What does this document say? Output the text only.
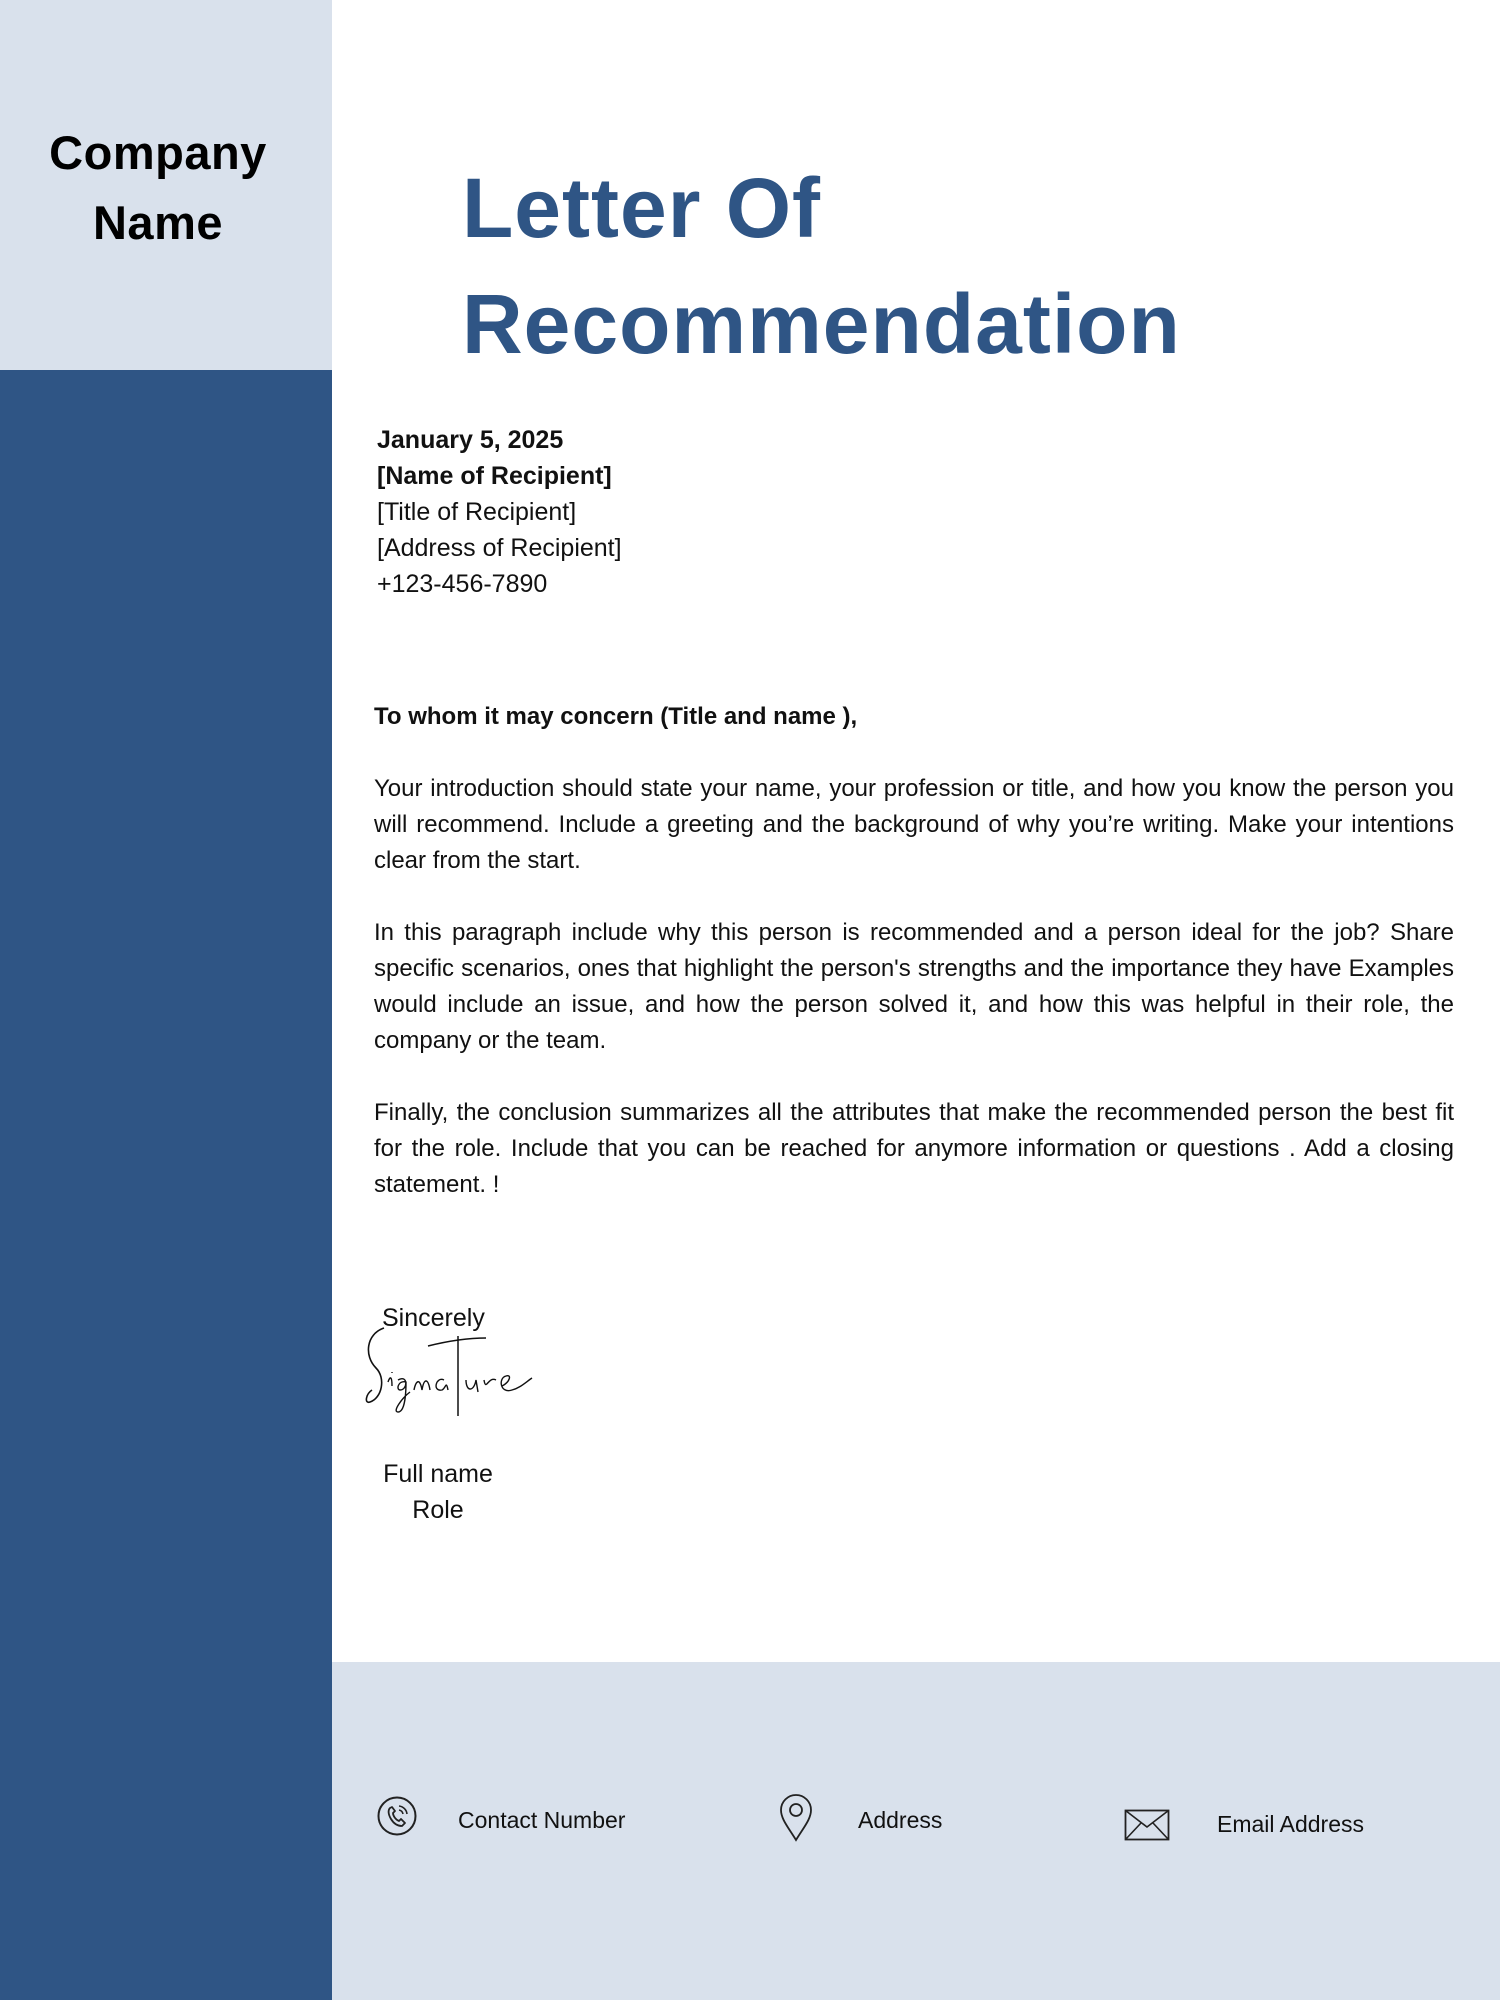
Company
Name	Letter Of
Recommendation
January 5, 2025
[Name of Recipient]
[Title of Recipient]
[Address of Recipient]
+123-456-7890
To whom it may concern (Title and name ),
Your introduction should state your name, your profession or title, and how you know the person you will recommend. Include a greeting and the background of why you’re writing. Make your intentions clear from the start.
In this paragraph include why this person is recommended and a person ideal for the job? Share specific scenarios, ones that highlight the person's strengths and the importance they have Examples would include an issue, and how the person solved it, and how this was helpful in their role, the company or the team.
Finally, the conclusion summarizes all the attributes that make the recommended person the best fit for the role. Include that you can be reached for anymore information or questions . Add a closing statement. !
Sincerely
Full name
Role
Contact Number	Address	Email Address
